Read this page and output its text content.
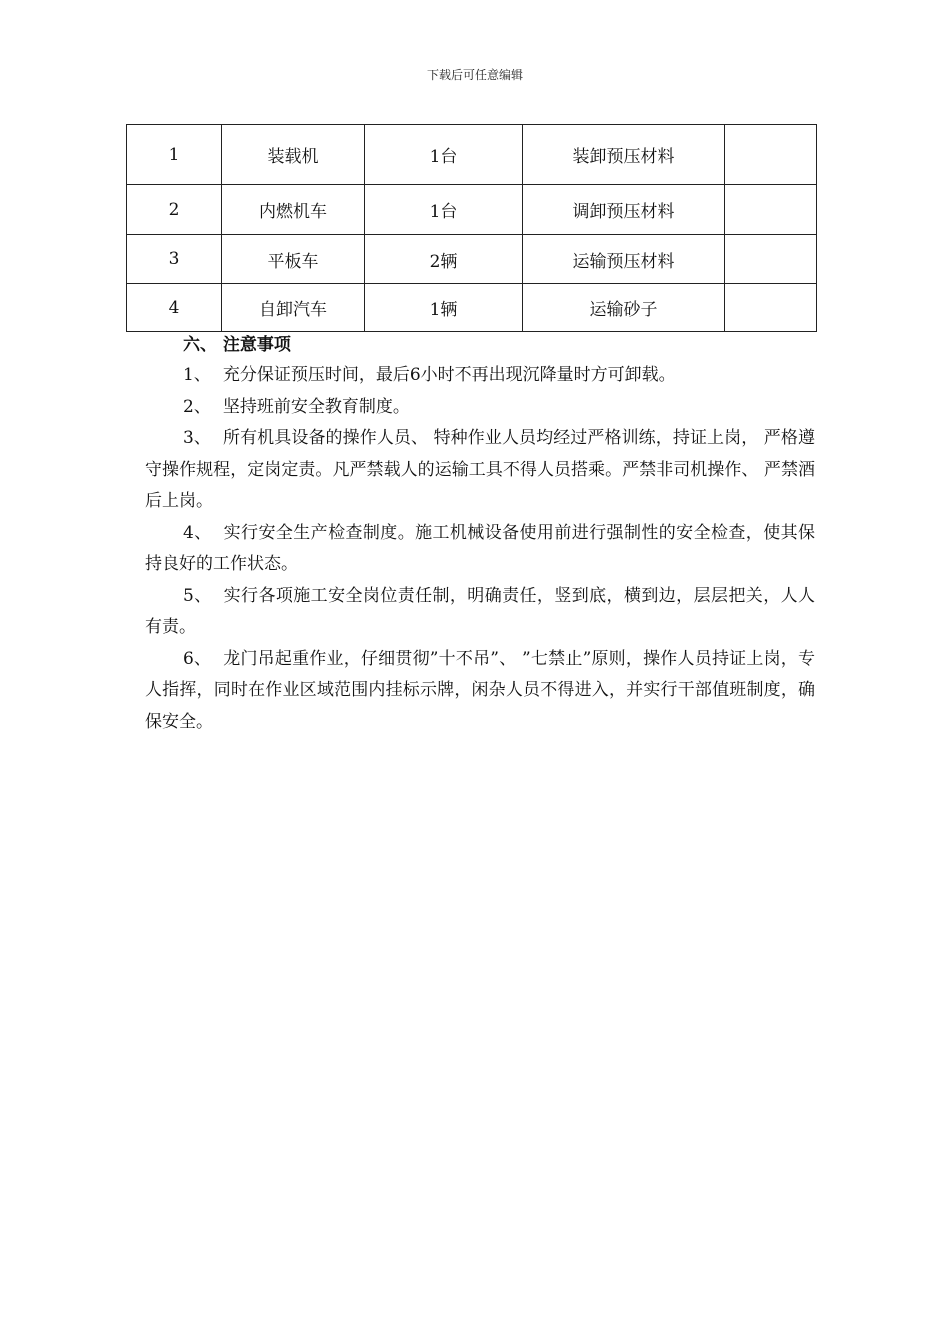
下载后可任意编辑
1	装载机	1台	装卸预压材料	
2	内燃机车	1台	调卸预压材料	
3	平板车	2辆	运输预压材料	
4	自卸汽车	1辆	运输砂子	
六、 注意事项

1、 充分保证预压时间，最后6小时不再出现沉降量时方可卸载。

2、 坚持班前安全教育制度。

3、 所有机具设备的操作人员、 特种作业人员均经过严格训练，持证上岗， 严格遵守操作规程，定岗定责。凡严禁载人的运输工具不得人员搭乘。严禁非司机操作、 严禁酒后上岗。

4、 实行安全生产检查制度。施工机械设备使用前进行强制性的安全检查，使其保持良好的工作状态。

5、 实行各项施工安全岗位责任制，明确责任，竖到底，横到边，层层把关，人人有责。

6、 龙门吊起重作业，仔细贯彻”十不吊”、 ”七禁止”原则，操作人员持证上岗，专人指挥，同时在作业区域范围内挂标示牌，闲杂人员不得进入，并实行干部值班制度，确保安全。
